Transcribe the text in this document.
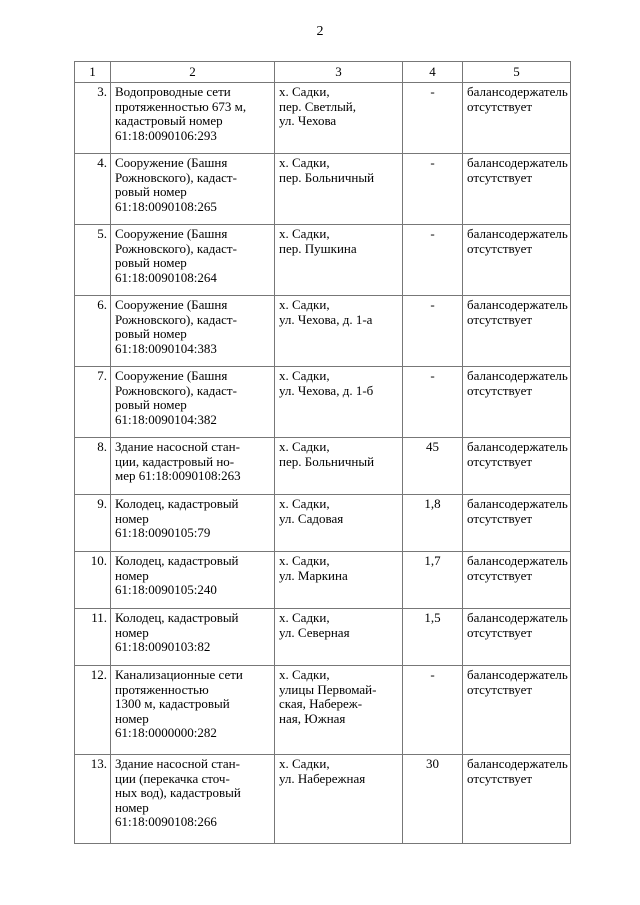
2
1	2	3	4	5
3.	Водопроводные сети
протяженностью 673 м,
кадастровый номер
61:18:0090106:293	х. Садки,
пер. Светлый,
ул. Чехова	-	балансодержатель
отсутствует

4.	Сооружение (Башня
Рожновского), кадаст-
ровый номер
61:18:0090108:265	х. Садки,
пер. Больничный	-	балансодержатель
отсутствует

5.	Сооружение (Башня
Рожновского), кадаст-
ровый номер
61:18:0090108:264	х. Садки,
пер. Пушкина	-	балансодержатель
отсутствует

6.	Сооружение (Башня
Рожновского), кадаст-
ровый номер
61:18:0090104:383	х. Садки,
ул. Чехова, д. 1-а	-	балансодержатель
отсутствует

7.	Сооружение (Башня
Рожновского), кадаст-
ровый номер
61:18:0090104:382	х. Садки,
ул. Чехова, д. 1-б	-	балансодержатель
отсутствует

8.	Здание насосной стан-
ции, кадастровый но-
мер 61:18:0090108:263	х. Садки,
пер. Больничный	45	балансодержатель
отсутствует

9.	Колодец, кадастровый
номер
61:18:0090105:79	х. Садки,
ул. Садовая	1,8	балансодержатель
отсутствует

10.	Колодец, кадастровый
номер
61:18:0090105:240	х. Садки,
ул. Маркина	1,7	балансодержатель
отсутствует

11.	Колодец, кадастровый
номер
61:18:0090103:82	х. Садки,
ул. Северная	1,5	балансодержатель
отсутствует

12.	Канализационные сети
протяженностью
1300 м, кадастровый
номер
61:18:0000000:282	х. Садки,
улицы Первомай-
ская, Набереж-
ная, Южная	-	балансодержатель
отсутствует

13.	Здание насосной стан-
ции (перекачка сточ-
ных вод), кадастровый
номер
61:18:0090108:266	х. Садки,
ул. Набережная	30	балансодержатель
отсутствует
